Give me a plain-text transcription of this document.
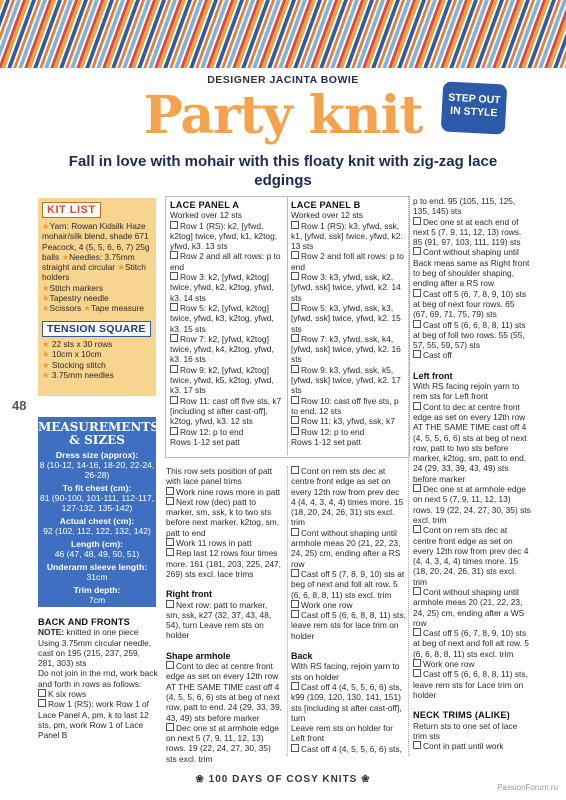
DESIGNER JACINTA BOWIE
Party knit	STEP OUT IN STYLE
Fall in love with mohair with this floaty knit with zig-zag lace edgings
48
KIT LIST

★Yarn: Rowan Kidsilk Haze mohair/silk blend, shade 671 Peacock, 4 (5, 5, 6, 6, 7) 25g balls ★Needles: 3.75mm straight and circular ★Stitch holders

★Stitch markers

★Tapestry needle

★Scissors ★Tape measure

TENSION SQUARE

★ 22 sts x 30 rows

★ 10cm x 10cm

★ Stocking stitch

★ 3.75mm needles

MEASUREMENTS
& SIZES
Dress size (approx):
8 (10-12, 14-16, 18-20, 22-24, 26-28)
To fit chest (cm):
81 (90-100, 101-111, 112-117, 127-132, 135-142)
Actual chest (cm):
92 (102, 112, 122, 132, 142)
Length (cm):
46 (47, 48, 49, 50, 51)
Underarm sleeve length:
31cm
Trim depth:
7cm

BACK AND FRONTS

NOTE: knitted in one piece

Using 3.75mm circular needle, cast on 195 (215, 237, 259, 281, 303) sts

Do not join in the rnd, work back and forth in rows as follows:

K six rows

Row 1 (RS): work Row 1 of Lace Panel A, pm, k to last 12 sts, pm, work Row 1 of Lace Panel B

LACE PANEL A

Worked over 12 sts

Row 1 (RS): k2, [yfwd, k2tog] twice, yfwd, k1, k2tog, yfwd, k3. 13 sts

Row 2 and all alt rows: p to end

Row 3: k2, [yfwd, k2tog] twice, yfwd, k2, k2tog, yfwd, k3. 14 sts

Row 5: k2, [yfwd, k2tog] twice, yfwd, k3, k2tog, yfwd, k3. 15 sts

Row 7: k2, [yfwd, k2tog] twice, yfwd, k4, k2tog, yfwd, k3. 16 sts

Row 9: k2, [yfwd, k2tog] twice, yfwd, k5, k2tog, yfwd, k3. 17 sts

Row 11: cast off five sts, k7 [including st after cast-off], k2tog, yfwd, k3. 12 sts

Row 12: p to end

Rows 1-12 set patt

LACE PANEL B

Worked over 12 sts

Row 1 (RS): k3, yfwd, ssk, k1, [yfwd, ssk] twice, yfwd, k2. 13 sts

Row 2 and foll alt rows: p to end

Row 3: k3, yfwd, ssk, k2, [yfwd, ssk] twice, yfwd, k2. 14 sts

Row 5: k3, yfwd, ssk, k3, [yfwd, ssk] twice, yfwd, k2. 15 sts

Row 7: k3, yfwd, ssk, k4, [yfwd, ssk] twice, yfwd, k2. 16 sts

Row 9: k3, yfwd, ssk, k5, [yfwd, ssk] twice, yfwd, k2. 17 sts

Row 10: cast off five sts, p to end. 12 sts

Row 11: k3, yfwd, ssk, k7

Row 12: p to end

Rows 1-12 set patt

This row sets position of patt with lace panel trims

Work nine rows more in patt

Next row (dec) patt to marker, sm, ssk, k to two sts before next marker, k2tog, sm, patt to end

Work 11 rows in patt

Rep last 12 rows four times more. 161 (181, 203, 225, 247, 269) sts excl. lace trims

Right front

Next row: patt to marker, sm, ssk, k27 (32, 37, 43, 48, 54), turn Leave rem sts on holder

Shape armhole

Cont to dec at centre front edge as set on every 12th row AT THE SAME TIME cast off 4 (4, 5, 5, 6, 6) sts at beg of next row, patt to end. 24 (29, 33, 39, 43, 49) sts before marker

Dec one st at armhole edge on next 5 (7, 9, 11, 12, 13) rows. 19 (22, 24, 27, 30, 35) sts excl. trim

Cont on rem sts dec at centre front edge as set on every 12th row from prev dec 4 (4, 4, 3, 4, 4) times more. 15 (18, 20, 24, 26, 31) sts excl. trim

Cont without shaping until armhole meas 20 (21, 22, 23, 24, 25) cm, ending after a RS row

Cast off 5 (7, 8, 9, 10) sts at beg of next and foll alt row. 5 (6, 6, 8, 8, 11) sts excl. trim

Work one row

Cast off 5 (6, 6, 8, 8, 11) sts, leave rem sts for lace trim on holder

Back

With RS facing, rejoin yarn to sts on holder

Cast off 4 (4, 5, 5, 6, 6) sts, k99 (109, 120, 130, 141, 151) sts [including st after cast-off], turn

Leave rem sts on holder for Left front

Cast off 4 (4, 5, 5, 6, 6) sts,

p to end. 95 (105, 115, 125, 135, 145) sts

Dec one st at each end of next 5 (7, 9, 11, 12, 13) rows. 85 (91, 97, 103, 111, 119) sts

Cont without shaping until Back meas same as Right front to beg of shoulder shaping, ending after a RS row

Cast off 5 (6, 7, 8, 9, 10) sts at beg of next four rows. 65 (67, 69, 71, 75, 79) sts

Cast off 5 (6, 6, 8, 8, 11) sts at beg of foll two rows. 55 (55, 57, 55, 59, 57) sts

Cast off

Left front

With RS facing rejoin yarn to rem sts for Left front

Cont to dec at centre front edge as set on every 12th row AT THE SAME TIME cast off 4 (4, 5, 5, 6, 6) sts at beg of next row, patt to two sts before marker, k2tog, sm, patt to end. 24 (29, 33, 39, 43, 49) sts before marker

Dec one st at armhole edge on next 5 (7, 9, 11, 12, 13) rows. 19 (22, 24, 27, 30, 35) sts excl. trim

Cont on rem sts dec at centre front edge as set on every 12th row from prev dec 4 (4, 4, 3, 4, 4) times more. 15 (18, 20, 24, 26, 31) sts excl. trim

Cont without shaping until armhole meas 20 (21, 22, 23, 24, 25) cm, ending after a WS row

Cast off 5 (6, 7, 8, 9, 10) sts at beg of next and foll alt row. 5 (6, 6, 8, 8, 11) sts excl. trim

Work one row

Cast off 5 (6, 6, 8, 8, 11) sts, leave rem sts for Lace trim on holder

NECK TRIMS (ALIKE)

Return sts to one set of lace trim sts

Cont in patt until work

❀ 100 DAYS OF COSY KNITS ❀
PassionForum.ru
